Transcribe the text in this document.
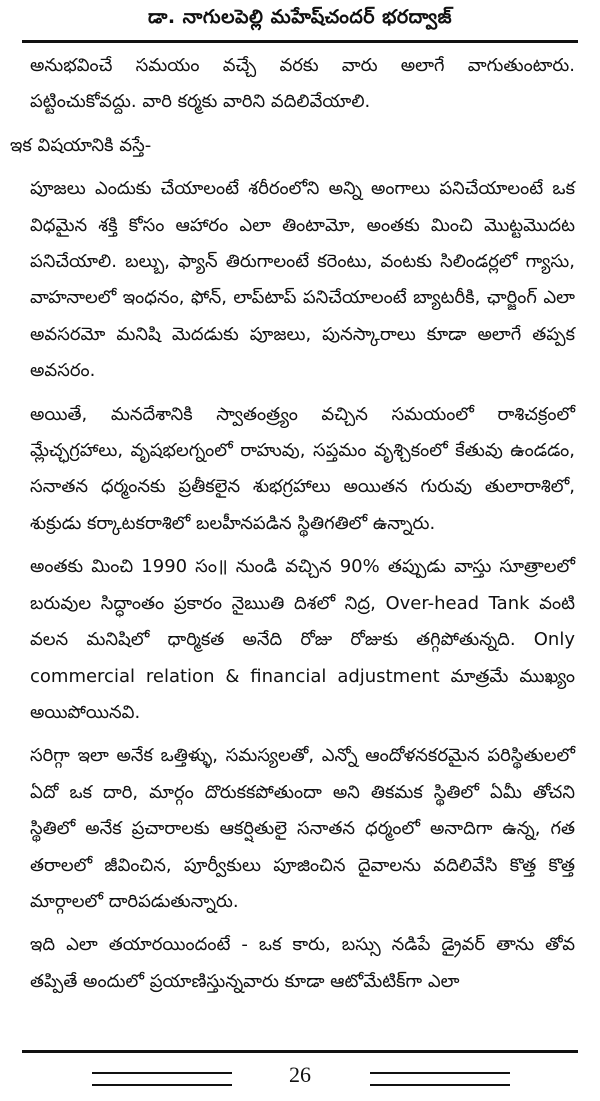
డా. నాగులపెల్లి మహేష్‌చందర్ భరద్వాజ్

అనుభవించే సమయం వచ్చే వరకు వారు అలాగే వాగుతుంటారు. పట్టించుకోవద్దు. వారి కర్మకు వారిని వదిలివేయాలి.

ఇక విషయానికి వస్తే-

పూజలు ఎందుకు చేయాలంటే శరీరంలోని అన్ని అంగాలు పనిచేయాలంటే ఒక విధమైన శక్తి కోసం ఆహారం ఎలా తింటామో, అంతకు మించి మొట్టమొదట పనిచేయాలి. బల్బు, ఫ్యాన్ తిరుగాలంటే కరెంటు, వంటకు సిలిండర్లలో గ్యాసు, వాహనాలలో ఇంధనం, ఫోన్, లాప్‌టాప్ పనిచేయాలంటే బ్యాటరీకి, ఛార్జింగ్ ఎలా అవసరమో మనిషి మెదడుకు పూజలు, పునస్కారాలు కూడా అలాగే తప్పక అవసరం.

అయితే, మనదేశానికి స్వాతంత్ర్యం వచ్చిన సమయంలో రాశిచక్రంలో మ్లేచ్ఛగ్రహాలు, వృషభలగ్నంలో రాహువు, సప్తమం వృశ్చికంలో కేతువు ఉండడం, సనాతన ధర్మంనకు ప్రతీకలైన శుభగ్రహాలు అయితన గురువు తులారాశిలో, శుక్రుడు కర్కాటకరాశిలో బలహీనపడిన స్థితిగతిలో ఉన్నారు.

అంతకు మించి 1990 సం॥ నుండి వచ్చిన 90% తప్పుడు వాస్తు సూత్రాలలో బరువుల సిద్ధాంతం ప్రకారం నైఋతి దిశలో నిద్ర, Over-head Tank వంటి వలన మనిషిలో ధార్మికత అనేది రోజు రోజుకు తగ్గిపోతున్నది. Only commercial relation & financial adjustment మాత్రమే ముఖ్యం అయిపోయినవి.

సరిగ్గా ఇలా అనేక ఒత్తిళ్ళు, సమస్యలతో, ఎన్నో ఆందోళనకరమైన పరిస్థితులలో ఏదో ఒక దారి, మార్గం దొరుకకపోతుందా అని తికమక స్థితిలో ఏమీ తోచని స్థితిలో అనేక ప్రచారాలకు ఆకర్షితులై సనాతన ధర్మంలో అనాదిగా ఉన్న, గత తరాలలో జీవించిన, పూర్వీకులు పూజించిన దైవాలను వదిలివేసి కొత్త కొత్త మార్గాలలో దారిపడుతున్నారు.

ఇది ఎలా తయారయిందంటే - ఒక కారు, బస్సు నడిపే డ్రైవర్ తాను తోవ తప్పితే అందులో ప్రయాణిస్తున్నవారు కూడా ఆటోమేటిక్‌గా ఎలా

26
